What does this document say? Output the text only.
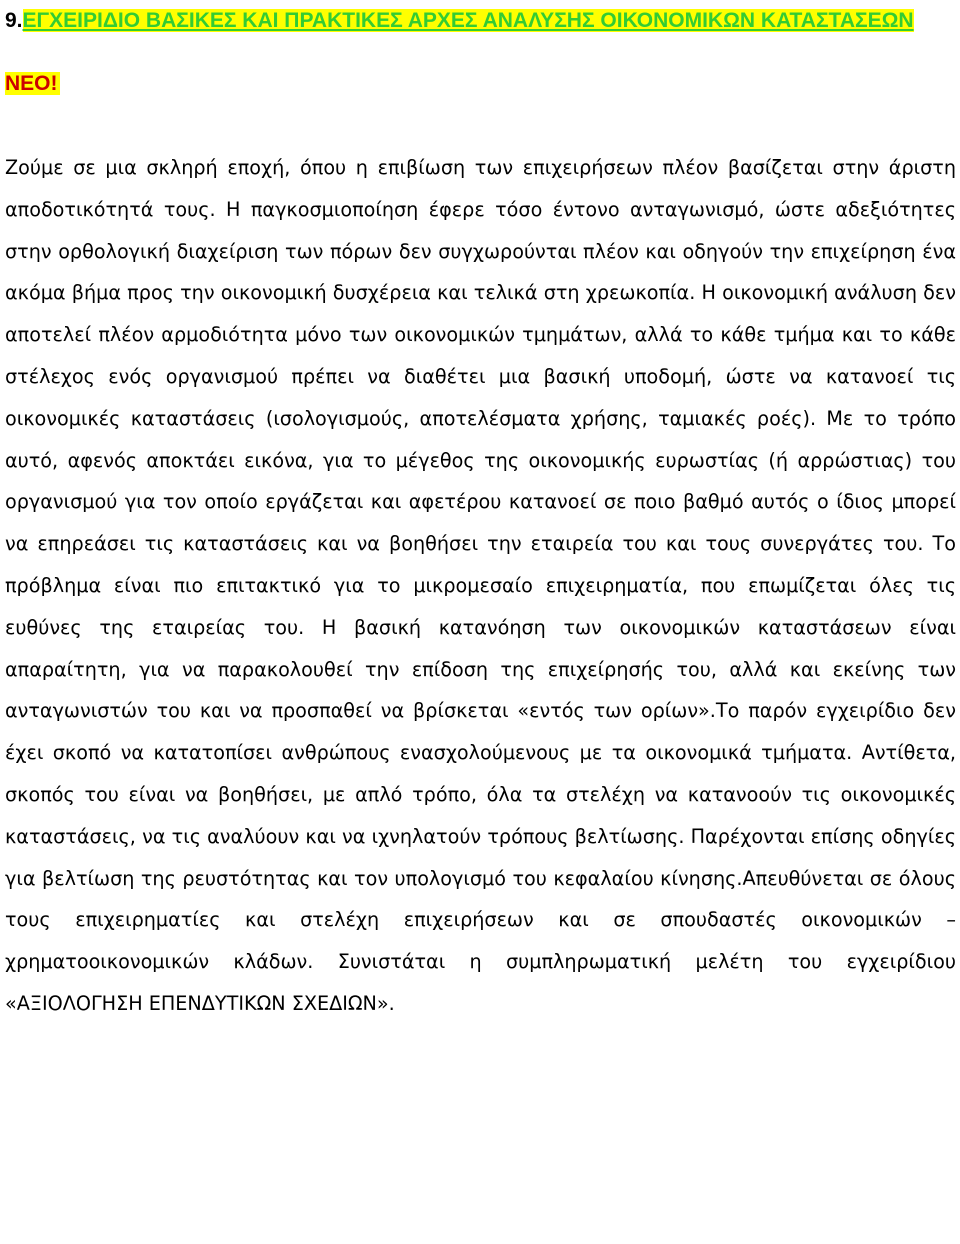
9.ΕΓΧΕΙΡΙΔΙΟ ΒΑΣΙΚΕΣ ΚΑΙ ΠΡΑΚΤΙΚΕΣ ΑΡΧΕΣ ΑΝΑΛΥΣΗΣ ΟΙΚΟΝΟΜΙΚΩΝ ΚΑΤΑΣΤΑΣΕΩΝ
ΝΕΟ!

Ζούμε σε μια σκληρή εποχή, όπου η επιβίωση των επιχειρήσεων πλέον βασίζεται στην άριστη αποδοτικότητά τους. Η παγκοσμιοποίηση έφερε τόσο έντονο ανταγωνισμό, ώστε αδεξιότητες στην ορθολογική διαχείριση των πόρων δεν συγχωρούνται πλέον και οδηγούν την επιχείρηση ένα ακόμα βήμα προς την οικονομική δυσχέρεια και τελικά στη χρεωκοπία. Η οικονομική ανάλυση δεν αποτελεί πλέον αρμοδιότητα μόνο των οικονομικών τμημάτων, αλλά το κάθε τμήμα και το κάθε στέλεχος ενός οργανισμού πρέπει να διαθέτει μια βασική υποδομή, ώστε να κατανοεί τις οικονομικές καταστάσεις (ισολογισμούς, αποτελέσματα χρήσης, ταμιακές ροές). Με το τρόπο αυτό, αφενός αποκτάει εικόνα, για το μέγεθος της οικονομικής ευρωστίας (ή αρρώστιας) του οργανισμού για τον οποίο εργάζεται και αφετέρου κατανοεί σε ποιο βαθμό αυτός ο ίδιος μπορεί να επηρεάσει τις καταστάσεις και να βοηθήσει την εταιρεία του και τους συνεργάτες του. Το πρόβλημα είναι πιο επιτακτικό για το μικρομεσαίο επιχειρηματία, που επωμίζεται όλες τις ευθύνες της εταιρείας του. Η βασική κατανόηση των οικονομικών καταστάσεων είναι απαραίτητη, για να παρακολουθεί την επίδοση της επιχείρησής του, αλλά και εκείνης των ανταγωνιστών του και να προσπαθεί να βρίσκεται «εντός των ορίων».Το παρόν εγχειρίδιο δεν έχει σκοπό να κατατοπίσει ανθρώπους ενασχολούμενους με τα οικονομικά τμήματα. Αντίθετα, σκοπός του είναι να βοηθήσει, με απλό τρόπο, όλα τα στελέχη να κατανοούν τις οικονομικές καταστάσεις, να τις αναλύουν και να ιχνηλατούν τρόπους βελτίωσης. Παρέχονται επίσης οδηγίες για βελτίωση της ρευστότητας και τον υπολογισμό του κεφαλαίου κίνησης.Απευθύνεται σε όλους τους επιχειρηματίες και στελέχη επιχειρήσεων και σε σπουδαστές οικονομικών – χρηματοοικονομικών κλάδων. Συνιστάται η συμπληρωματική μελέτη του εγχειρίδιου «ΑΞΙΟΛΟΓΗΣΗ ΕΠΕΝΔΥΤΙΚΩΝ ΣΧΕΔΙΩΝ».
